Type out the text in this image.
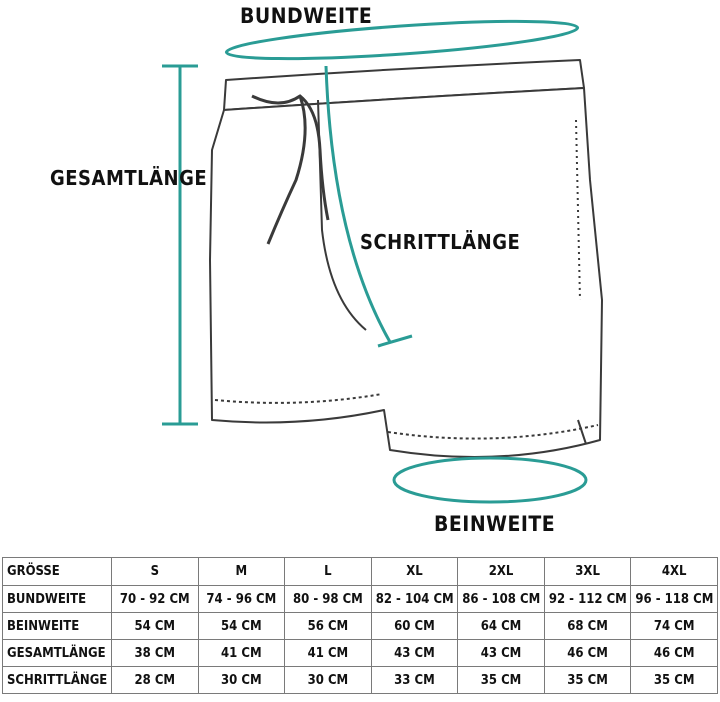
BUNDWEITE
GESAMTLÄNGE
SCHRITTLÄNGE
BEINWEITE
GRÖSSE	S	M	L	XL	2XL	3XL	4XL
BUNDWEITE	70 - 92 CM	74 - 96 CM	80 - 98 CM	82 - 104 CM	86 - 108 CM	92 - 112 CM	96 - 118 CM
BEINWEITE	54 CM	54 CM	56 CM	60 CM	64 CM	68 CM	74 CM
GESAMTLÄNGE	38 CM	41 CM	41 CM	43 CM	43 CM	46 CM	46 CM
SCHRITTLÄNGE	28 CM	30 CM	30 CM	33 CM	35 CM	35 CM	35 CM
